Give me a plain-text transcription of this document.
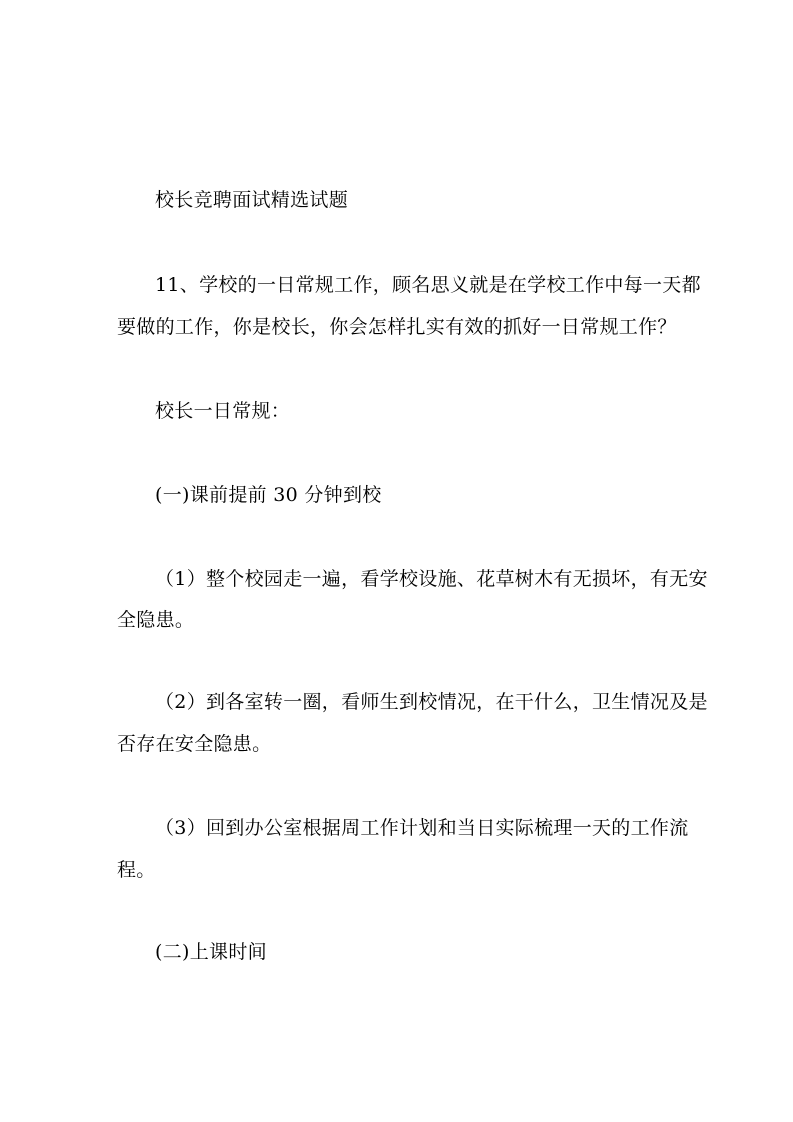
校长竞聘面试精选试题
11、学校的一日常规工作，顾名思义就是在学校工作中每一天都
要做的工作，你是校长，你会怎样扎实有效的抓好一日常规工作？
校长一日常规：
(一)课前提前 30 分钟到校
（1）整个校园走一遍，看学校设施、花草树木有无损坏，有无安
全隐患。
（2）到各室转一圈，看师生到校情况，在干什么，卫生情况及是
否存在安全隐患。
（3）回到办公室根据周工作计划和当日实际梳理一天的工作流
程。
(二)上课时间
